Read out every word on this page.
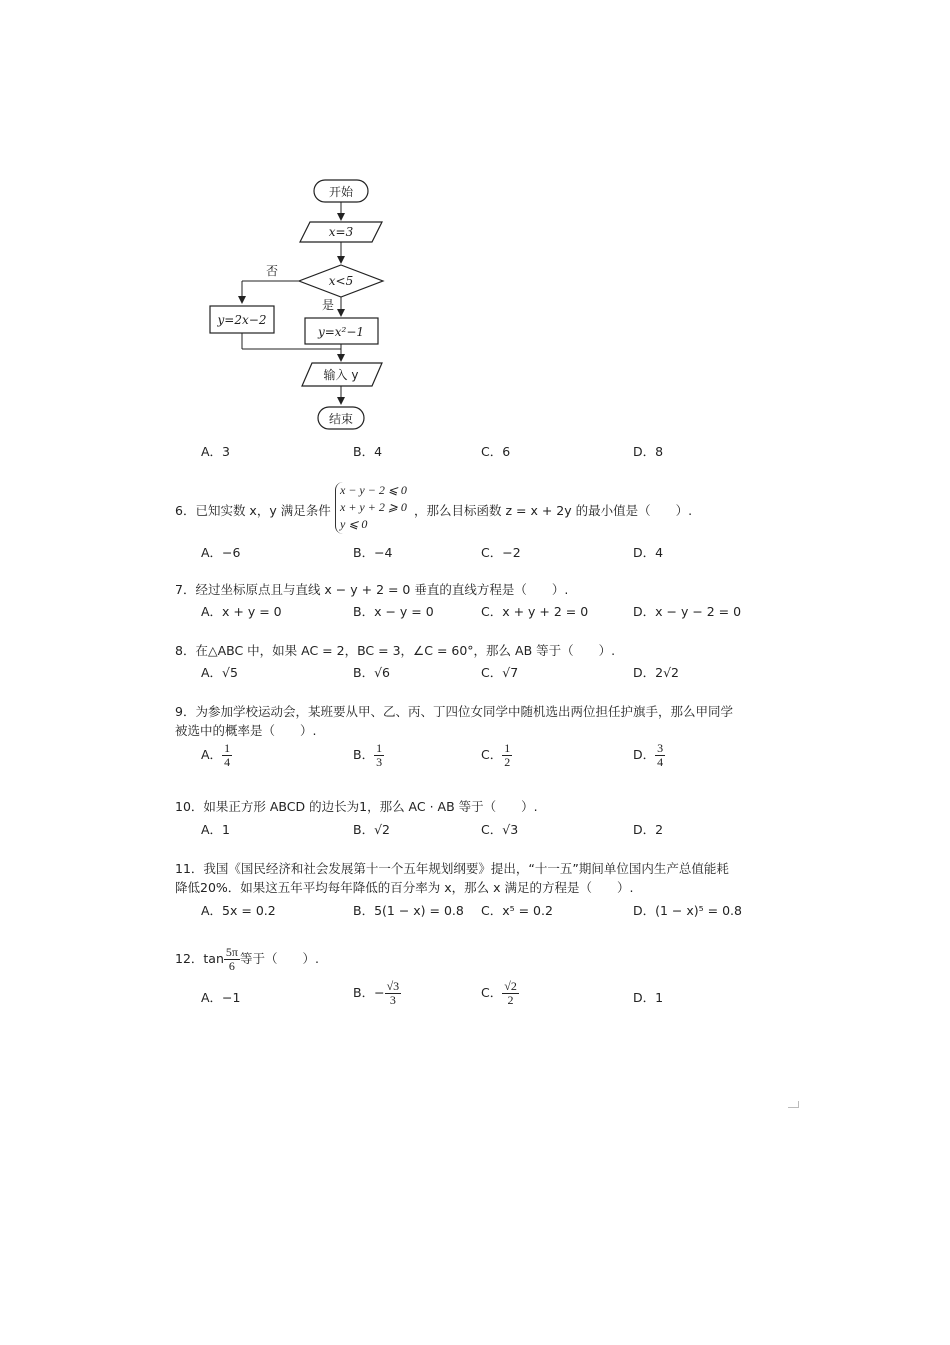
开始
x=3
x<5
否
是
y=2x−2
y=x²−1
输入 y
结束
A．3	B．4	C．6	D．8
6．已知实数 x，y 满足条件
x − y − 2 ⩽ 0
x + y + 2 ⩾ 0
y ⩽ 0
，那么目标函数 z = x + 2y 的最小值是（　　）.
A．−6	B．−4	C．−2	D．4
7．经过坐标原点且与直线 x − y + 2 = 0 垂直的直线方程是（　　）.
A．x + y = 0	B．x − y = 0	C．x + y + 2 = 0	D．x − y − 2 = 0
8．在△ABC 中，如果 AC = 2，BC = 3，∠C = 60°，那么 AB 等于（　　）.
A．√5	B．√6	C．√7	D．2√2
9．为参加学校运动会，某班要从甲、乙、丙、丁四位女同学中随机选出两位担任护旗手，那么甲同学
被选中的概率是（　　）.
A． $\frac{1}{4}$	B． $\frac{1}{3}$	C． $\frac{1}{2}$	D． $\frac{3}{4}$
10．如果正方形 ABCD 的边长为1，那么 AC · AB 等于（　　）.
A．1	B．√2	C．√3	D．2
11．我国《国民经济和社会发展第十一个五年规划纲要》提出，“十一五”期间单位国内生产总值能耗
降低20%．如果这五年平均每年降低的百分率为 x，那么 x 满足的方程是（　　）.
A．5x = 0.2	B．5(1 − x) = 0.8 C．x⁵ = 0.2	D．(1 − x)⁵ = 0.8
12．$\tan \frac{5\pi}{6}$ 等于（　　）.
A．−1	B．− $\frac{√3}{3}$	C． $\frac{√2}{2}$	D．1
